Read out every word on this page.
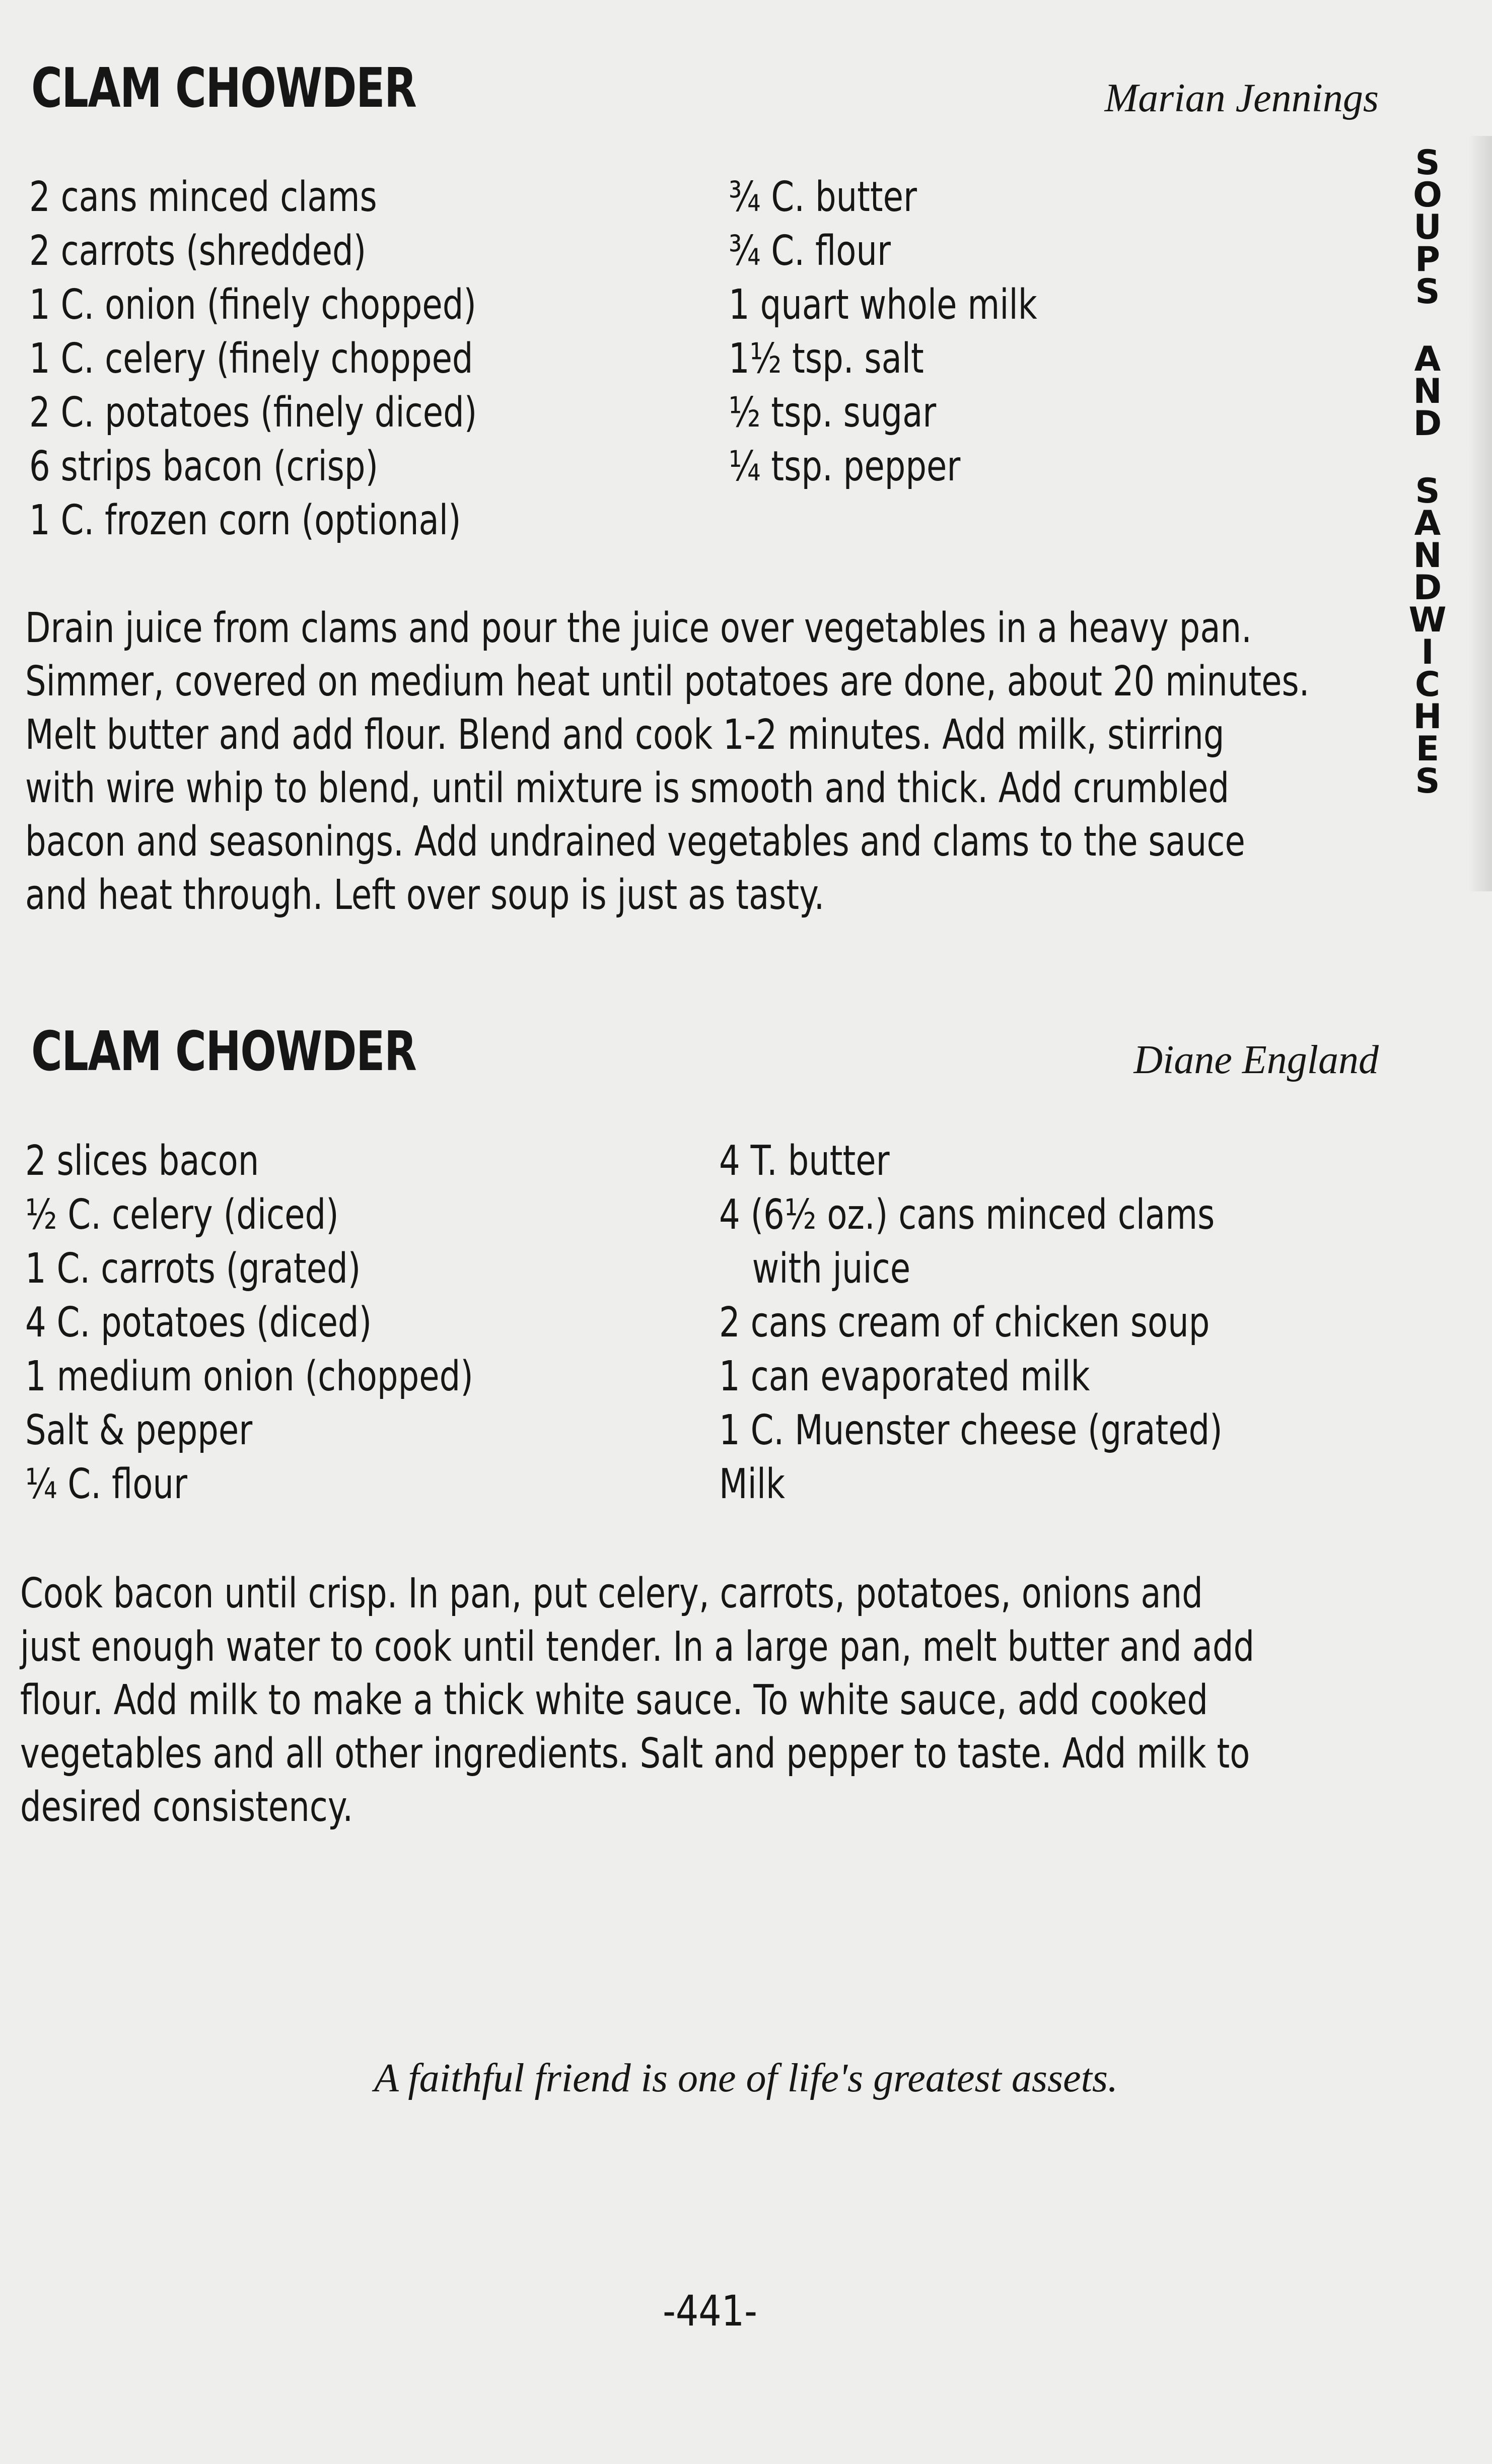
S
O
U
P
S
A
N
D
S
A
N
D
W
I
C
H
E
S
CLAM CHOWDER	Marian Jennings
2 cans minced clams
2 carrots (shredded)
1 C. onion (finely chopped)
1 C. celery (finely chopped
2 C. potatoes (finely diced)
6 strips bacon (crisp)
1 C. frozen corn (optional)
¾ C. butter
¾ C. flour
1 quart whole milk
1½ tsp. salt
½ tsp. sugar
¼ tsp. pepper
Drain juice from clams and pour the juice over vegetables in a heavy pan.
Simmer, covered on medium heat until potatoes are done, about 20 minutes.
Melt butter and add flour. Blend and cook 1-2 minutes. Add milk, stirring
with wire whip to blend, until mixture is smooth and thick. Add crumbled
bacon and seasonings. Add undrained vegetables and clams to the sauce
and heat through. Left over soup is just as tasty.
CLAM CHOWDER	Diane England
2 slices bacon
½ C. celery (diced)
1 C. carrots (grated)
4 C. potatoes (diced)
1 medium onion (chopped)
Salt & pepper
¼ C. flour
4 T. butter
4 (6½ oz.) cans minced clams
with juice
2 cans cream of chicken soup
1 can evaporated milk
1 C. Muenster cheese (grated)
Milk
Cook bacon until crisp. In pan, put celery, carrots, potatoes, onions and
just enough water to cook until tender. In a large pan, melt butter and add
flour. Add milk to make a thick white sauce. To white sauce, add cooked
vegetables and all other ingredients. Salt and pepper to taste. Add milk to
desired consistency.
A faithful friend is one of life's greatest assets.
-441-
